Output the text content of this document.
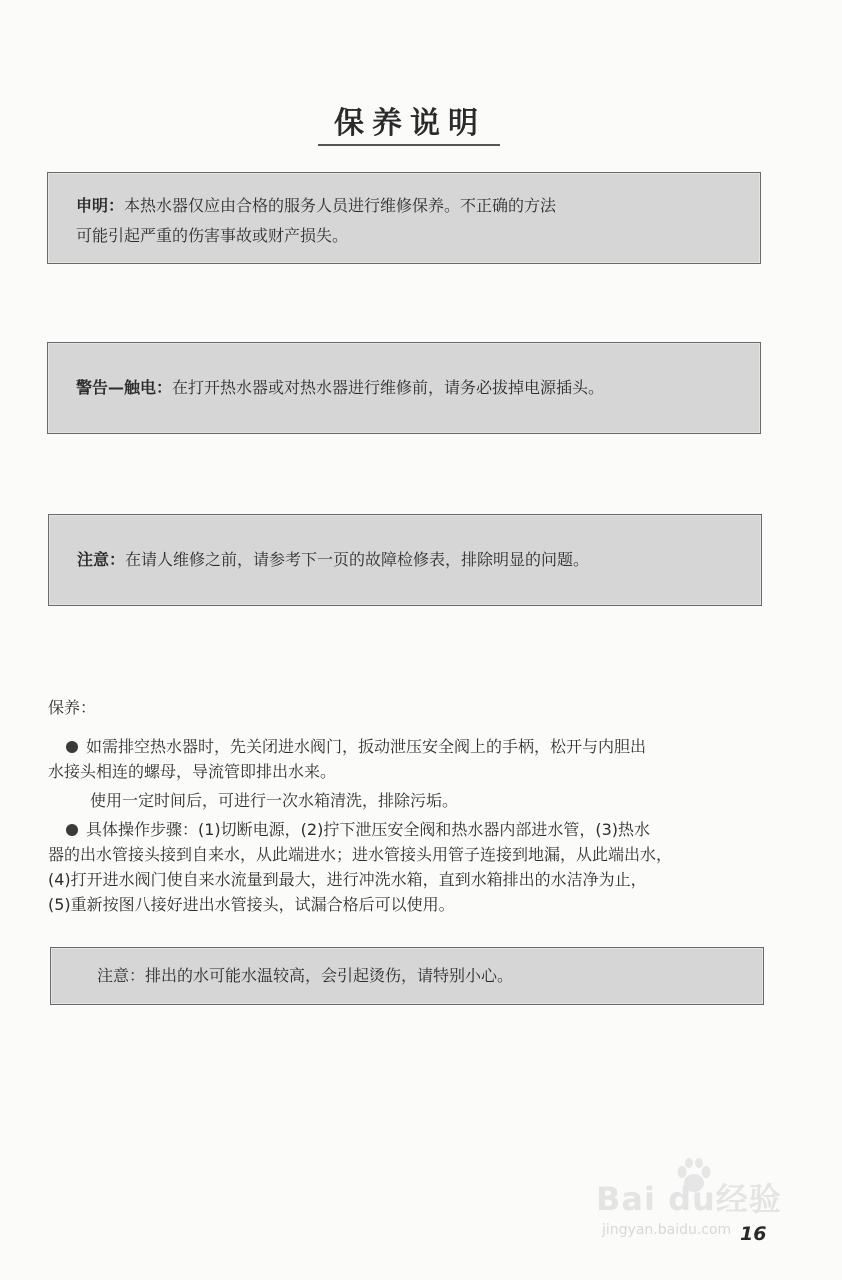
保养说明
申明：本热水器仅应由合格的服务人员进行维修保养。不正确的方法
可能引起严重的伤害事故或财产损失。
警告—触电：在打开热水器或对热水器进行维修前，请务必拔掉电源插头。
注意：在请人维修之前，请参考下一页的故障检修表，排除明显的问题。
保养：
如需排空热水器时，先关闭进水阀门，扳动泄压安全阀上的手柄，松开与内胆出
水接头相连的螺母，导流管即排出水来。
使用一定时间后，可进行一次水箱清洗，排除污垢。
具体操作步骤：(1)切断电源，(2)拧下泄压安全阀和热水器内部进水管，(3)热水
器的出水管接头接到自来水，从此端进水；进水管接头用管子连接到地漏，从此端出水，
(4)打开进水阀门使自来水流量到最大，进行冲洗水箱，直到水箱排出的水洁净为止，
(5)重新按图八接好进出水管接头，试漏合格后可以使用。
注意：排出的水可能水温较高，会引起烫伤，请特别小心。
Bai du经验
jingyan.baidu.com 16
